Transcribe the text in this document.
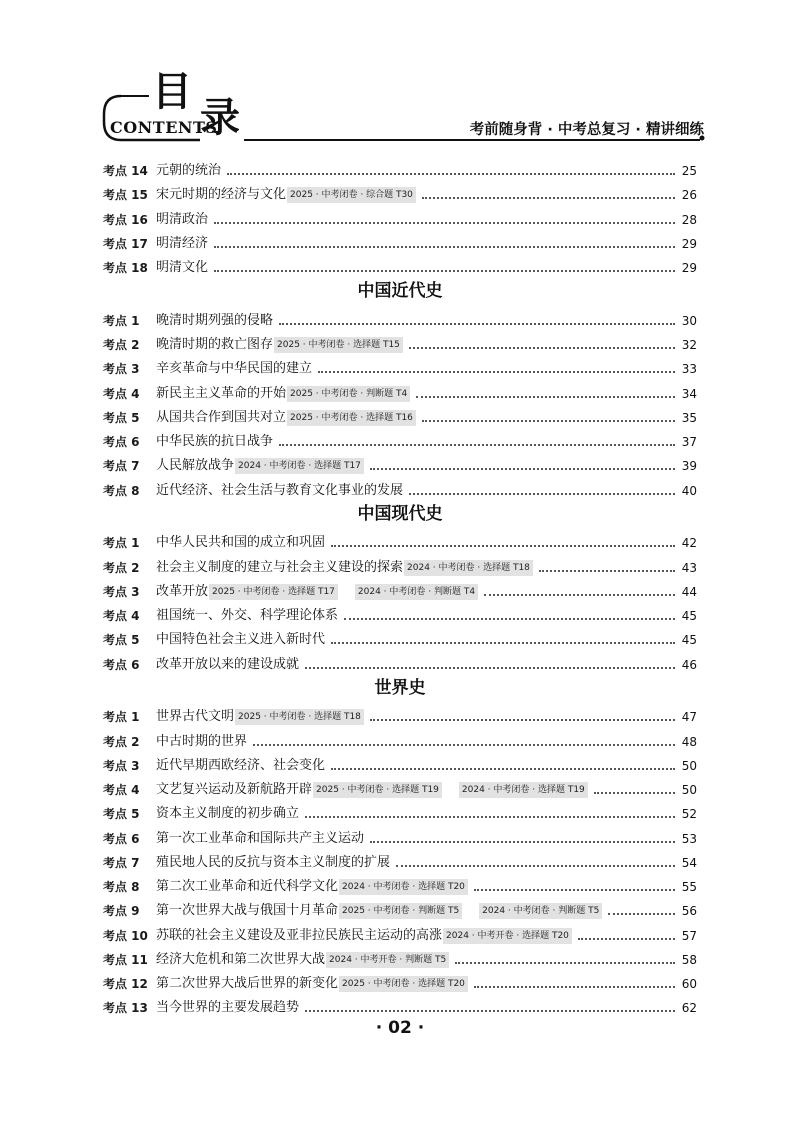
目
录
CONTENTS	考前随身背 · 中考总复习 · 精讲细练
考点 14 元朝的统治	25
考点 15 宋元时期的经济与文化 2025 · 中考闭卷 · 综合题 T30	26
考点 16 明清政治	28
考点 17 明清经济	29
考点 18 明清文化	29
中国近代史
考点 1	晚清时期列强的侵略	30
考点 2	晚清时期的救亡图存 2025 · 中考闭卷 · 选择题 T15	32
考点 3	辛亥革命与中华民国的建立	33
考点 4	新民主主义革命的开始 2025 · 中考闭卷 · 判断题 T4	34
考点 5	从国共合作到国共对立 2025 · 中考闭卷 · 选择题 T16	35
考点 6	中华民族的抗日战争	37
考点 7	人民解放战争 2024 · 中考闭卷 · 选择题 T17	39
考点 8	近代经济、社会生活与教育文化事业的发展	40
中国现代史
考点 1	中华人民共和国的成立和巩固	42
考点 2	社会主义制度的建立与社会主义建设的探索 2024 · 中考闭卷 · 选择题 T18	43
考点 3	改革开放 2025 · 中考闭卷 · 选择题 T17	2024 · 中考闭卷 · 判断题 T4	44
考点 4	祖国统一、外交、科学理论体系	45
考点 5	中国特色社会主义进入新时代	45
考点 6	改革开放以来的建设成就	46
世界史
考点 1	世界古代文明 2025 · 中考闭卷 · 选择题 T18	47
考点 2	中古时期的世界	48
考点 3	近代早期西欧经济、社会变化	50
考点 4	文艺复兴运动及新航路开辟 2025 · 中考闭卷 · 选择题 T19	2024 · 中考闭卷 · 选择题 T19	50
考点 5	资本主义制度的初步确立	52
考点 6	第一次工业革命和国际共产主义运动	53
考点 7	殖民地人民的反抗与资本主义制度的扩展	54
考点 8	第二次工业革命和近代科学文化 2024 · 中考闭卷 · 选择题 T20	55
考点 9	第一次世界大战与俄国十月革命 2025 · 中考闭卷 · 判断题 T5	2024 · 中考闭卷 · 判断题 T5	56
考点 10 苏联的社会主义建设及亚非拉民族民主运动的高涨 2024 · 中考开卷 · 选择题 T20	57
考点 11 经济大危机和第二次世界大战 2024 · 中考开卷 · 判断题 T5	58
考点 12 第二次世界大战后世界的新变化 2025 · 中考闭卷 · 选择题 T20	60
考点 13 当今世界的主要发展趋势	62
· 02 ·
